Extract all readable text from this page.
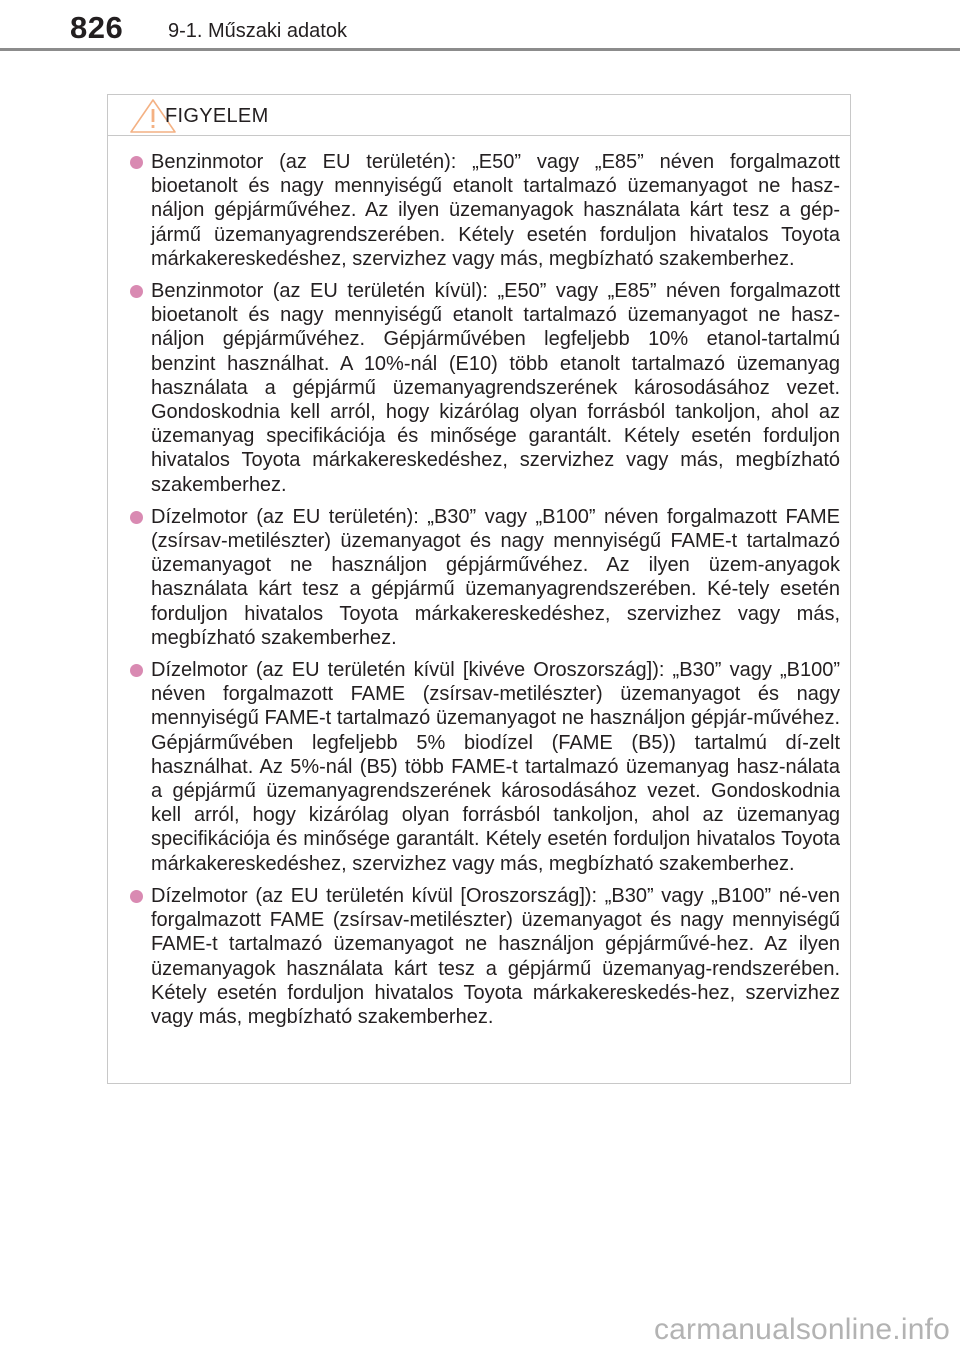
826 9-1. Műszaki adatok
FIGYELEM
Benzinmotor (az EU területén): „E50” vagy „E85” néven forgalmazott bioetanolt és nagy mennyiségű etanolt tartalmazó üzemanyagot ne hasz-náljon gépjárművéhez. Az ilyen üzemanyagok használata kárt tesz a gép-jármű üzemanyagrendszerében. Kétely esetén forduljon hivatalos Toyota márkakereskedéshez, szervizhez vagy más, megbízható szakemberhez.
Benzinmotor (az EU területén kívül): „E50” vagy „E85” néven forgalmazott bioetanolt és nagy mennyiségű etanolt tartalmazó üzemanyagot ne hasz-náljon gépjárművéhez. Gépjárművében legfeljebb 10% etanol-tartalmú benzint használhat. A 10%-nál (E10) több etanolt tartalmazó üzemanyag használata a gépjármű üzemanyagrendszerének károsodásához vezet. Gondoskodnia kell arról, hogy kizárólag olyan forrásból tankoljon, ahol az üzemanyag specifikációja és minősége garantált. Kétely esetén forduljon hivatalos Toyota márkakereskedéshez, szervizhez vagy más, megbízható szakemberhez.
Dízelmotor (az EU területén): „B30” vagy „B100” néven forgalmazott FAME (zsírsav-metilészter) üzemanyagot és nagy mennyiségű FAME-t tartalmazó üzemanyagot ne használjon gépjárművéhez. Az ilyen üzem-anyagok használata kárt tesz a gépjármű üzemanyagrendszerében. Ké-tely esetén forduljon hivatalos Toyota márkakereskedéshez, szervizhez vagy más, megbízható szakemberhez.
Dízelmotor (az EU területén kívül [kivéve Oroszország]): „B30” vagy „B100” néven forgalmazott FAME (zsírsav-metilészter) üzemanyagot és nagy mennyiségű FAME-t tartalmazó üzemanyagot ne használjon gépjár-művéhez. Gépjárművében legfeljebb 5% biodízel (FAME (B5)) tartalmú dí-zelt használhat. Az 5%-nál (B5) több FAME-t tartalmazó üzemanyag hasz-nálata a gépjármű üzemanyagrendszerének károsodásához vezet. Gondoskodnia kell arról, hogy kizárólag olyan forrásból tankoljon, ahol az üzemanyag specifikációja és minősége garantált. Kétely esetén forduljon hivatalos Toyota márkakereskedéshez, szervizhez vagy más, megbízható szakemberhez.
Dízelmotor (az EU területén kívül [Oroszország]): „B30” vagy „B100” né-ven forgalmazott FAME (zsírsav-metilészter) üzemanyagot és nagy mennyiségű FAME-t tartalmazó üzemanyagot ne használjon gépjárművé-hez. Az ilyen üzemanyagok használata kárt tesz a gépjármű üzemanyag-rendszerében. Kétely esetén forduljon hivatalos Toyota márkakereskedés-hez, szervizhez vagy más, megbízható szakemberhez.
carmanualsonline.info
